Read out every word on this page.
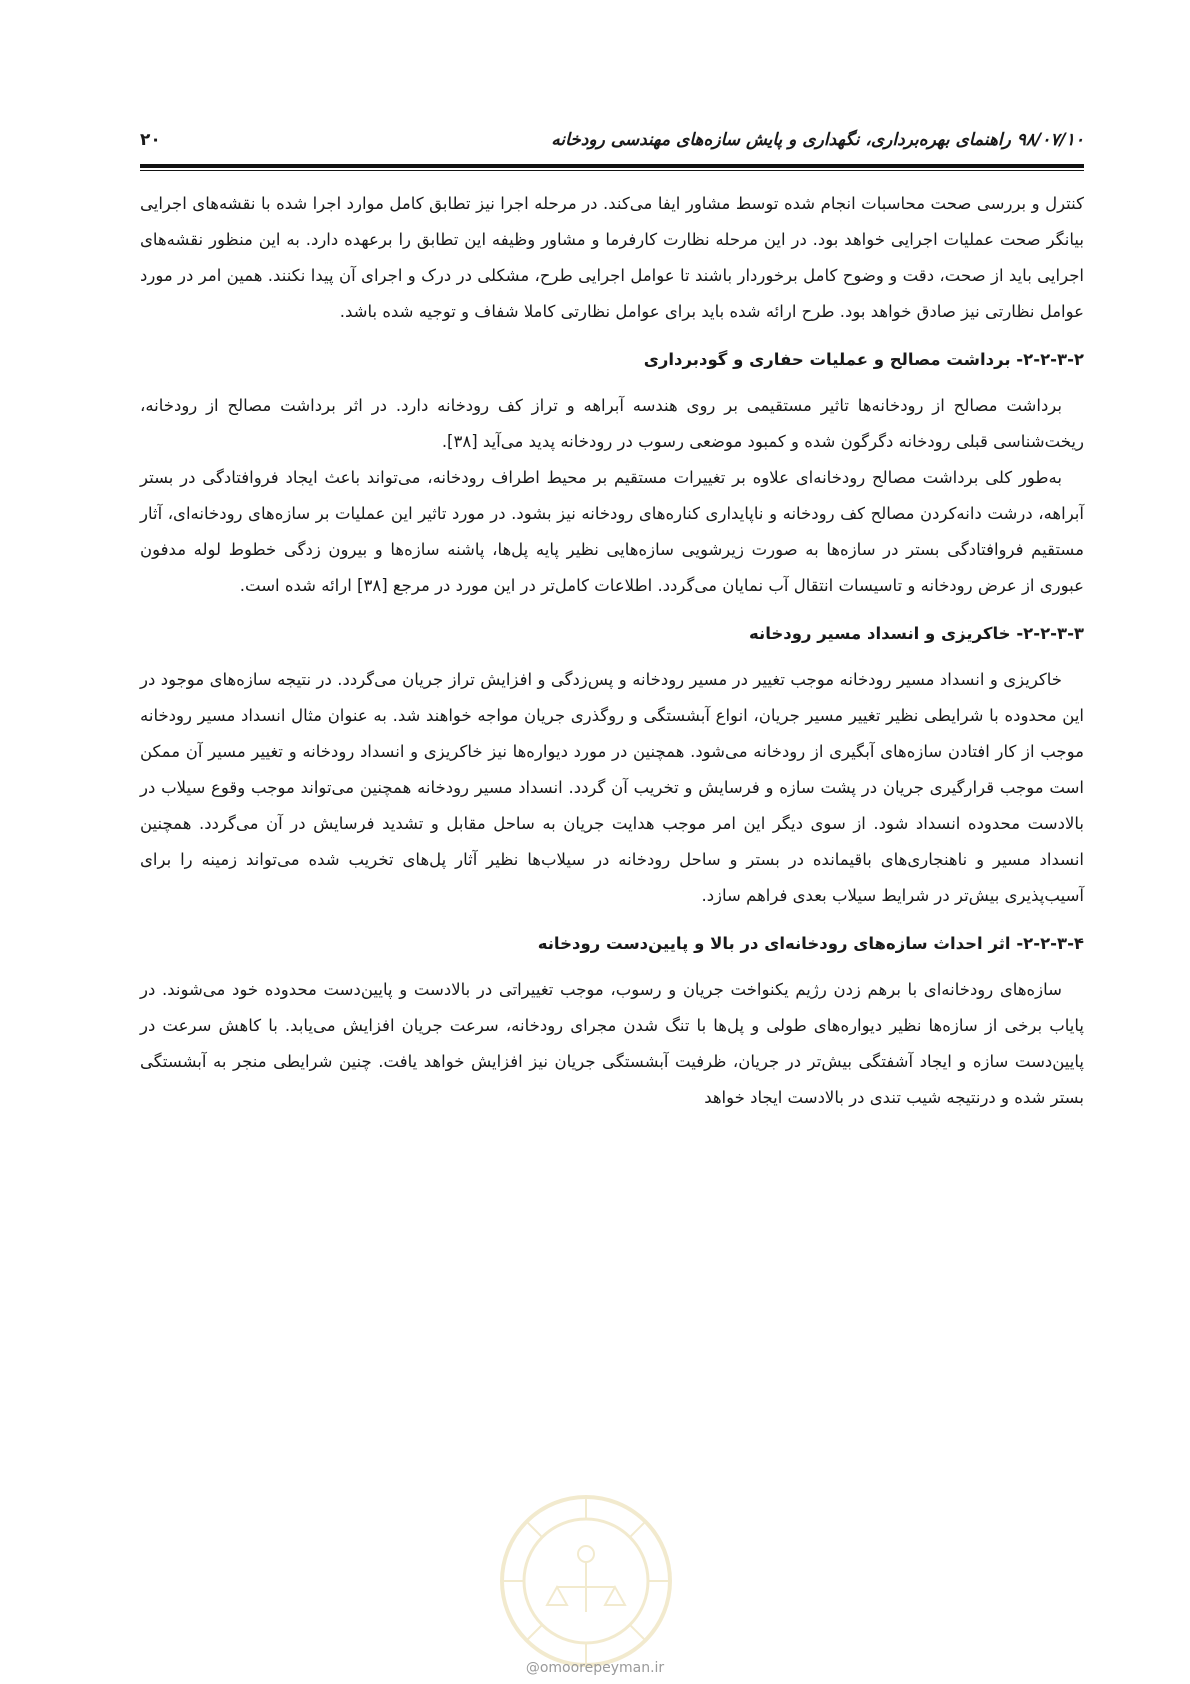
۹۸/۰۷/۱۰ راهنمای بهره‌برداری، نگهداری و پایش سازه‌های مهندسی رودخانه
۲۰

کنترل و بررسی صحت محاسبات انجام شده توسط مشاور ایفا می‌کند. در مرحله اجرا نیز تطابق کامل موارد اجرا شده با نقشه‌های اجرایی بیانگر صحت عملیات اجرایی خواهد بود. در این مرحله نظارت کارفرما و مشاور وظیفه این تطابق را برعهده دارد. به این منظور نقشه‌های اجرایی باید از صحت، دقت و وضوح کامل برخوردار باشند تا عوامل اجرایی طرح، مشکلی در درک و اجرای آن پیدا نکنند. همین امر در مورد عوامل نظارتی نیز صادق خواهد بود. طرح ارائه شده باید برای عوامل نظارتی کاملا شفاف و توجیه شده باشد.

۲-۲-۳-۲- برداشت مصالح و عملیات حفاری و گودبرداری

برداشت مصالح از رودخانه‌ها تاثیر مستقیمی بر روی هندسه آبراهه و تراز کف رودخانه دارد. در اثر برداشت مصالح از رودخانه، ریخت‌شناسی قبلی رودخانه دگرگون شده و کمبود موضعی رسوب در رودخانه پدید می‌آید [۳۸].

به‌طور کلی برداشت مصالح رودخانه‌ای علاوه بر تغییرات مستقیم بر محیط اطراف رودخانه، می‌تواند باعث ایجاد فروافتادگی در بستر آبراهه، درشت دانه‌کردن مصالح کف رودخانه و ناپایداری کناره‌های رودخانه نیز بشود. در مورد تاثیر این عملیات بر سازه‌های رودخانه‌ای، آثار مستقیم فروافتادگی بستر در سازه‌ها به صورت زیرشویی سازه‌هایی نظیر پایه پل‌ها، پاشنه سازه‌ها و بیرون زدگی خطوط لوله مدفون عبوری از عرض رودخانه و تاسیسات انتقال آب نمایان می‌گردد. اطلاعات کامل‌تر در این مورد در مرجع [۳۸] ارائه شده است.

۲-۲-۳-۳- خاکریزی و انسداد مسیر رودخانه

خاکریزی و انسداد مسیر رودخانه موجب تغییر در مسیر رودخانه و پس‌زدگی و افزایش تراز جریان می‌گردد. در نتیجه سازه‌های موجود در این محدوده با شرایطی نظیر تغییر مسیر جریان، انواع آبشستگی و روگذری جریان مواجه خواهند شد. به عنوان مثال انسداد مسیر رودخانه موجب از کار افتادن سازه‌های آبگیری از رودخانه می‌شود. همچنین در مورد دیواره‌ها نیز خاکریزی و انسداد رودخانه و تغییر مسیر آن ممکن است موجب قرارگیری جریان در پشت سازه و فرسایش و تخریب آن گردد. انسداد مسیر رودخانه همچنین می‌تواند موجب وقوع سیلاب در بالادست محدوده انسداد شود. از سوی دیگر این امر موجب هدایت جریان به ساحل مقابل و تشدید فرسایش در آن می‌گردد. همچنین انسداد مسیر و ناهنجاری‌های باقیمانده در بستر و ساحل رودخانه در سیلاب‌ها نظیر آثار پل‌های تخریب شده می‌تواند زمینه را برای آسیب‌پذیری بیش‌تر در شرایط سیلاب بعدی فراهم سازد.

۲-۲-۳-۴- اثر احداث سازه‌های رودخانه‌ای در بالا و پایین‌دست رودخانه

سازه‌های رودخانه‌ای با برهم زدن رژیم یکنواخت جریان و رسوب، موجب تغییراتی در بالادست و پایین‌دست محدوده خود می‌شوند. در پایاب برخی از سازه‌ها نظیر دیواره‌های طولی و پل‌ها با تنگ شدن مجرای رودخانه، سرعت جریان افزایش می‌یابد. با کاهش سرعت در پایین‌دست سازه و ایجاد آشفتگی بیش‌تر در جریان، ظرفیت آبشستگی جریان نیز افزایش خواهد یافت. چنین شرایطی منجر به آبشستگی بستر شده و درنتیجه شیب تندی در بالادست ایجاد خواهد

@omoorepeyman.ir
